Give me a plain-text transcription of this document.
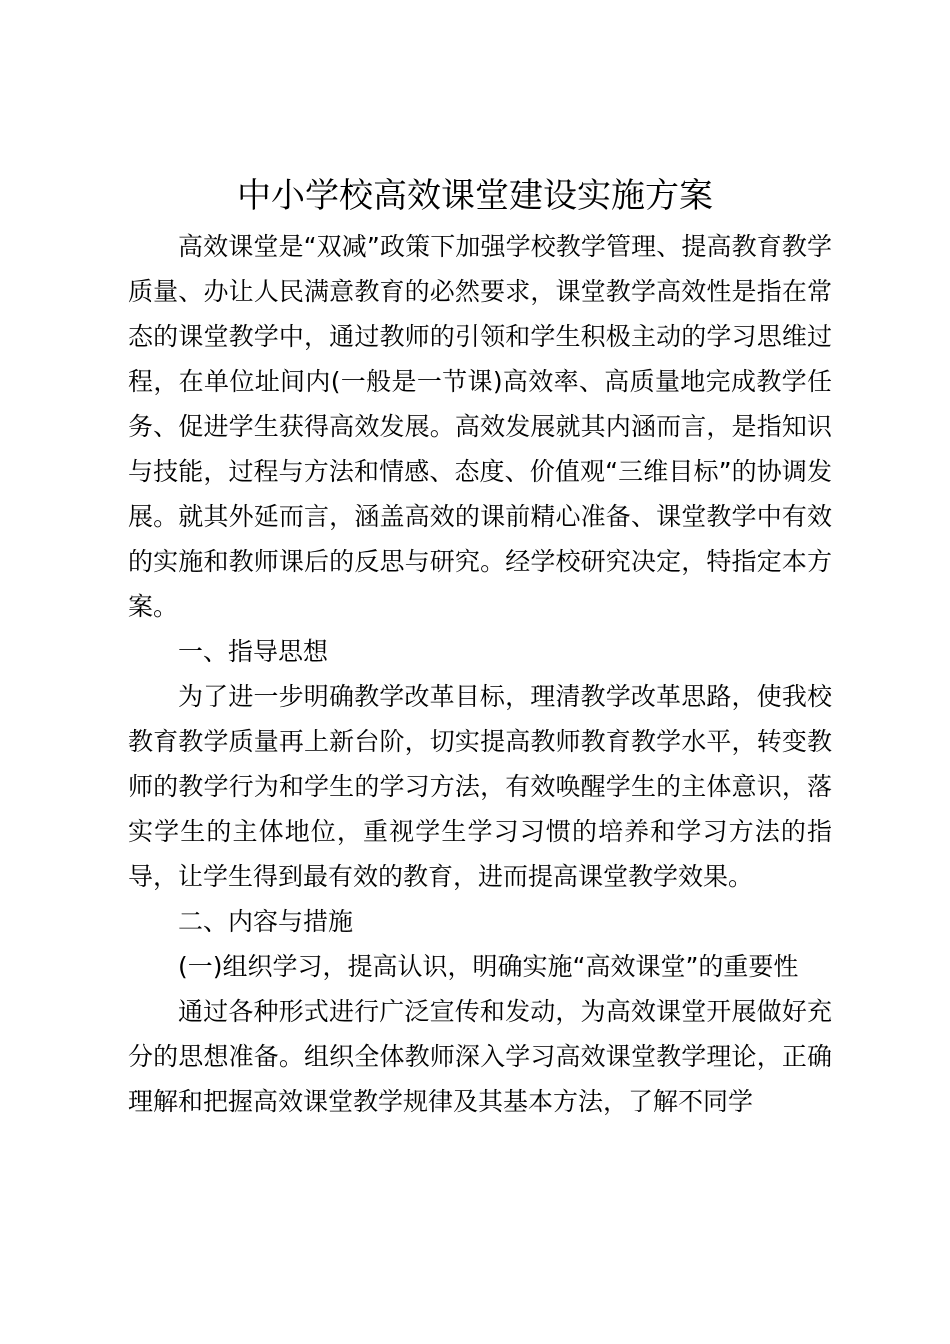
中小学校高效课堂建设实施方案

高效课堂是“双减”政策下加强学校教学管理、提高教育教学质量、办让人民满意教育的必然要求，课堂教学高效性是指在常态的课堂教学中，通过教师的引领和学生积极主动的学习思维过程，在单位址间内(一般是一节课)高效率、高质量地完成教学任务、促进学生获得高效发展。高效发展就其内涵而言，是指知识与技能，过程与方法和情感、态度、价值观“三维目标”的协调发展。就其外延而言，涵盖高效的课前精心准备、课堂教学中有效的实施和教师课后的反思与研究。经学校研究决定，特指定本方案。

一、指导思想

为了进一步明确教学改革目标，理清教学改革思路，使我校教育教学质量再上新台阶，切实提高教师教育教学水平，转变教师的教学行为和学生的学习方法，有效唤醒学生的主体意识，落实学生的主体地位，重视学生学习习惯的培养和学习方法的指导，让学生得到最有效的教育，进而提高课堂教学效果。

二、内容与措施

(一)组织学习，提高认识，明确实施“高效课堂”的重要性

通过各种形式进行广泛宣传和发动，为高效课堂开展做好充分的思想准备。组织全体教师深入学习高效课堂教学理论，正确理解和把握高效课堂教学规律及其基本方法，了解不同学
